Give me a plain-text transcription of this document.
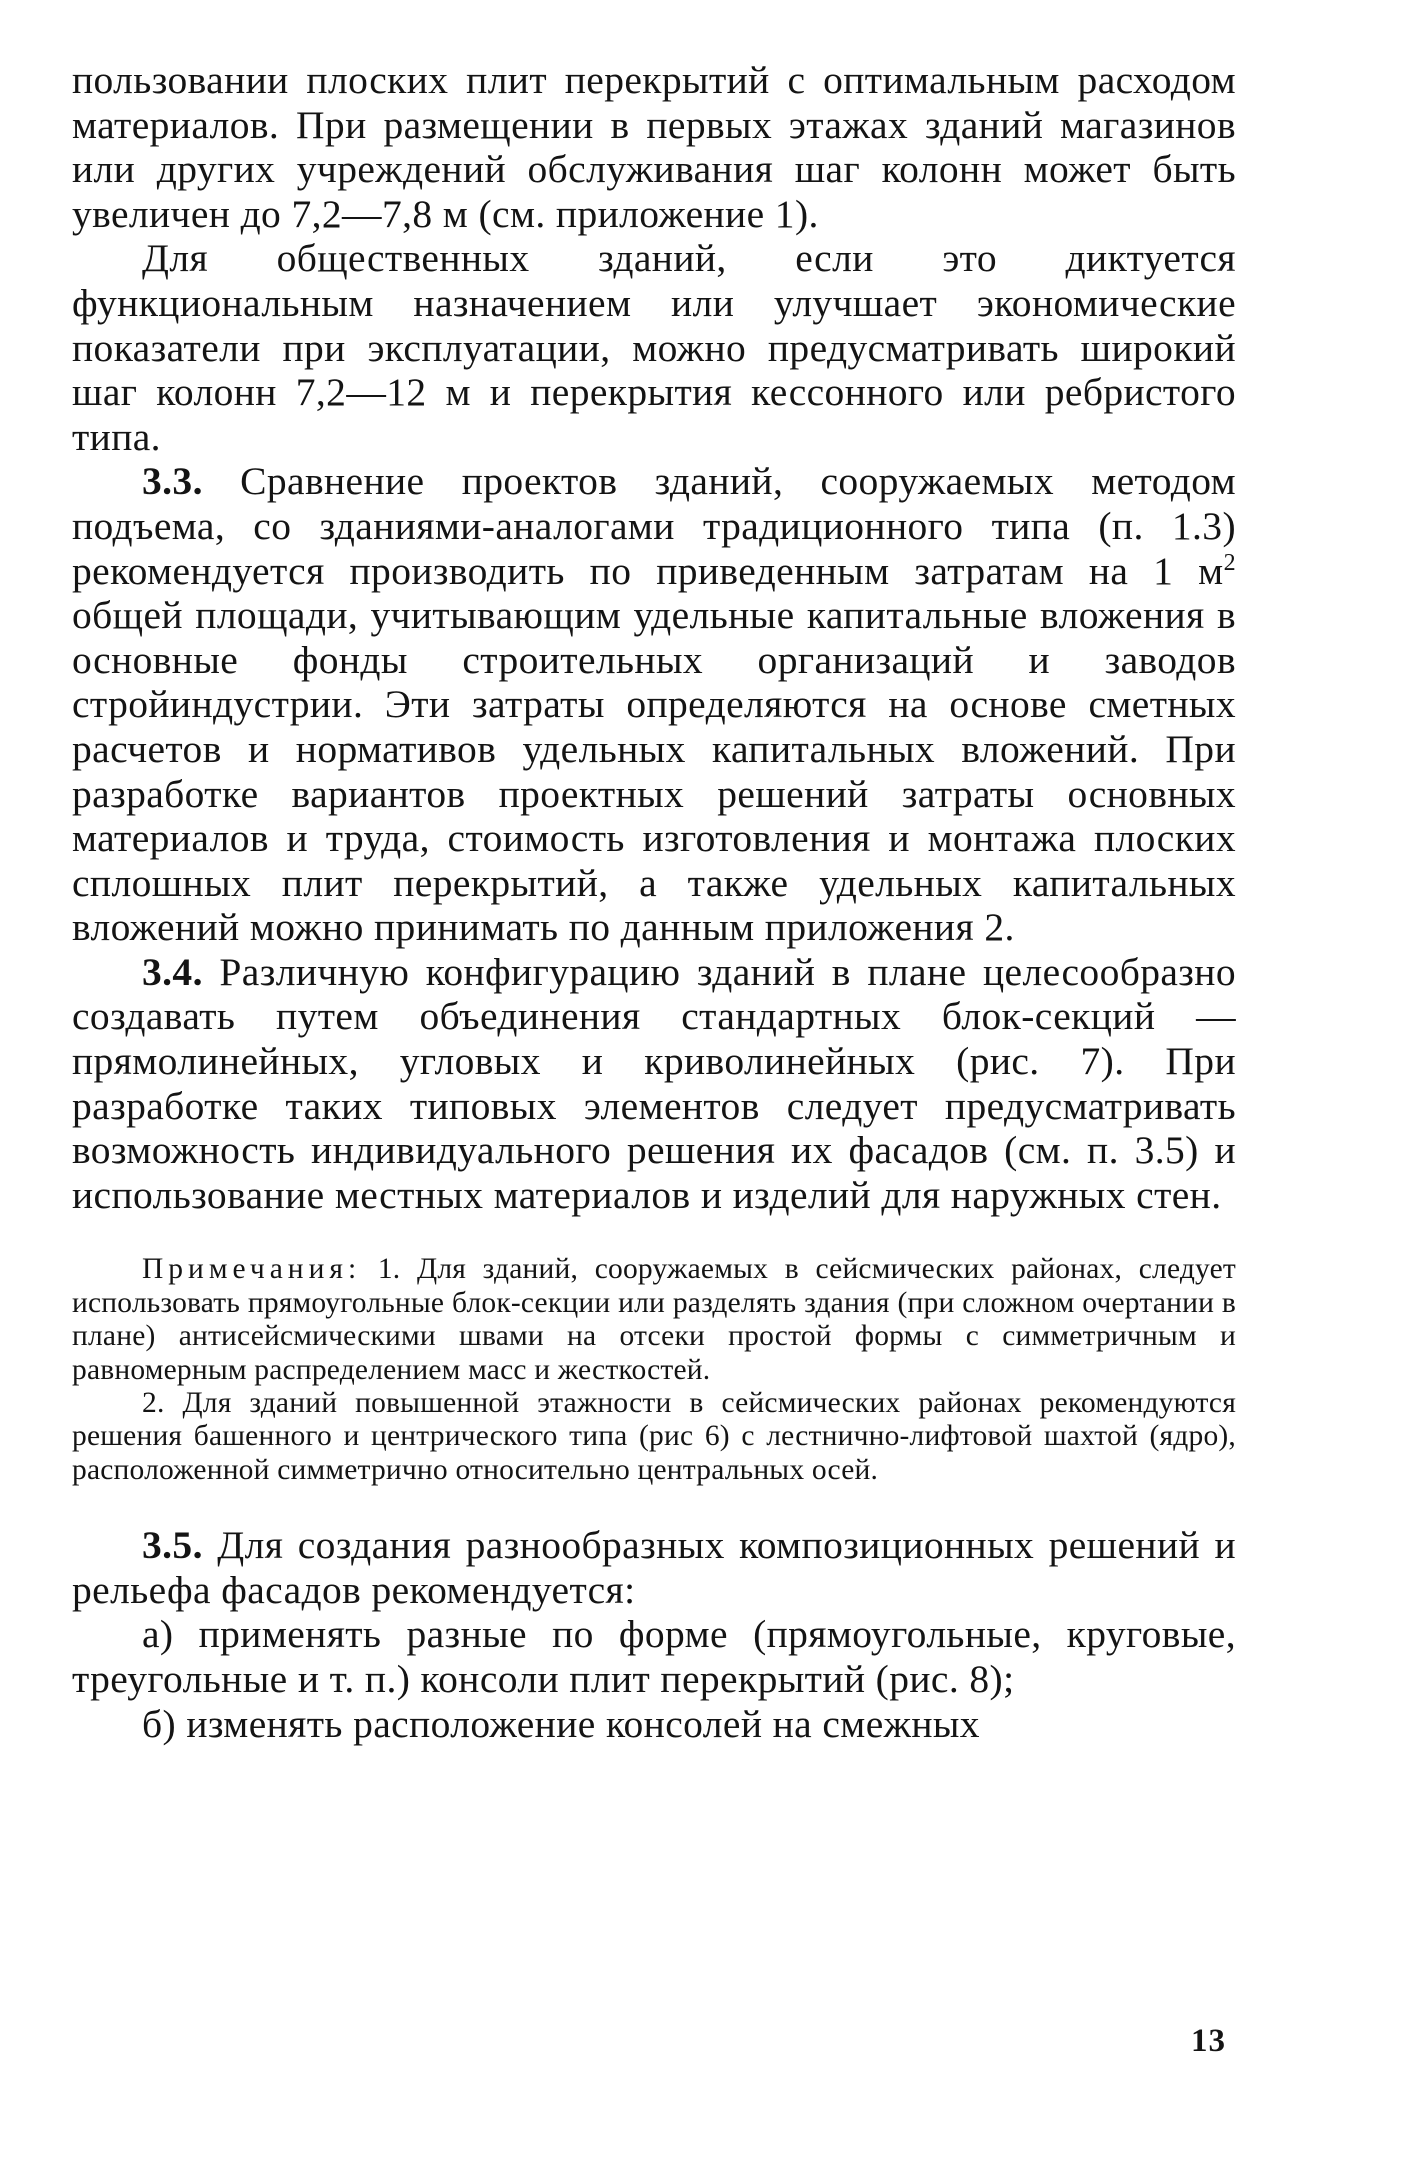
пользовании плоских плит перекрытий с оптимальным расходом материалов. При размещении в первых этажах зданий магазинов или других учреждений обслуживания шаг колонн может быть увеличен до 7,2—7,8 м (см. приложение 1).

Для общественных зданий, если это диктуется функциональным назначением или улучшает экономические показатели при эксплуатации, можно предусматривать широкий шаг колонн 7,2—12 м и перекрытия кессонного или ребристого типа.

3.3. Сравнение проектов зданий, сооружаемых методом подъема, со зданиями-аналогами традиционного типа (п. 1.3) рекомендуется производить по приведенным затратам на 1 $м^2$ общей площади, учитывающим удельные капитальные вложения в основные фонды строительных организаций и заводов стройиндустрии. Эти затраты определяются на основе сметных расчетов и нормативов удельных капитальных вложений. При разработке вариантов проектных решений затраты основных материалов и труда, стоимость изготовления и монтажа плоских сплошных плит перекрытий, а также удельных капитальных вложений можно принимать по данным приложения 2.

3.4. Различную конфигурацию зданий в плане целесообразно создавать путем объединения стандартных блок-секций — прямолинейных, угловых и криволинейных (рис. 7). При разработке таких типовых элементов следует предусматривать возможность индивидуального решения их фасадов (см. п. 3.5) и использование местных материалов и изделий для наружных стен.

Примечания: 1. Для зданий, сооружаемых в сейсмических районах, следует использовать прямоугольные блок-секции или разделять здания (при сложном очертании в плане) антисейсмическими швами на отсеки простой формы с симметричным и равномерным распределением масс и жесткостей.

2. Для зданий повышенной этажности в сейсмических районах рекомендуются решения башенного и центрического типа (рис 6) с лестнично-лифтовой шахтой (ядро), расположенной симметрично относительно центральных осей.

3.5. Для создания разнообразных композиционных решений и рельефа фасадов рекомендуется:

а) применять разные по форме (прямоугольные, круговые, треугольные и т. п.) консоли плит перекрытий (рис. 8);

б) изменять расположение консолей на смежных

13
